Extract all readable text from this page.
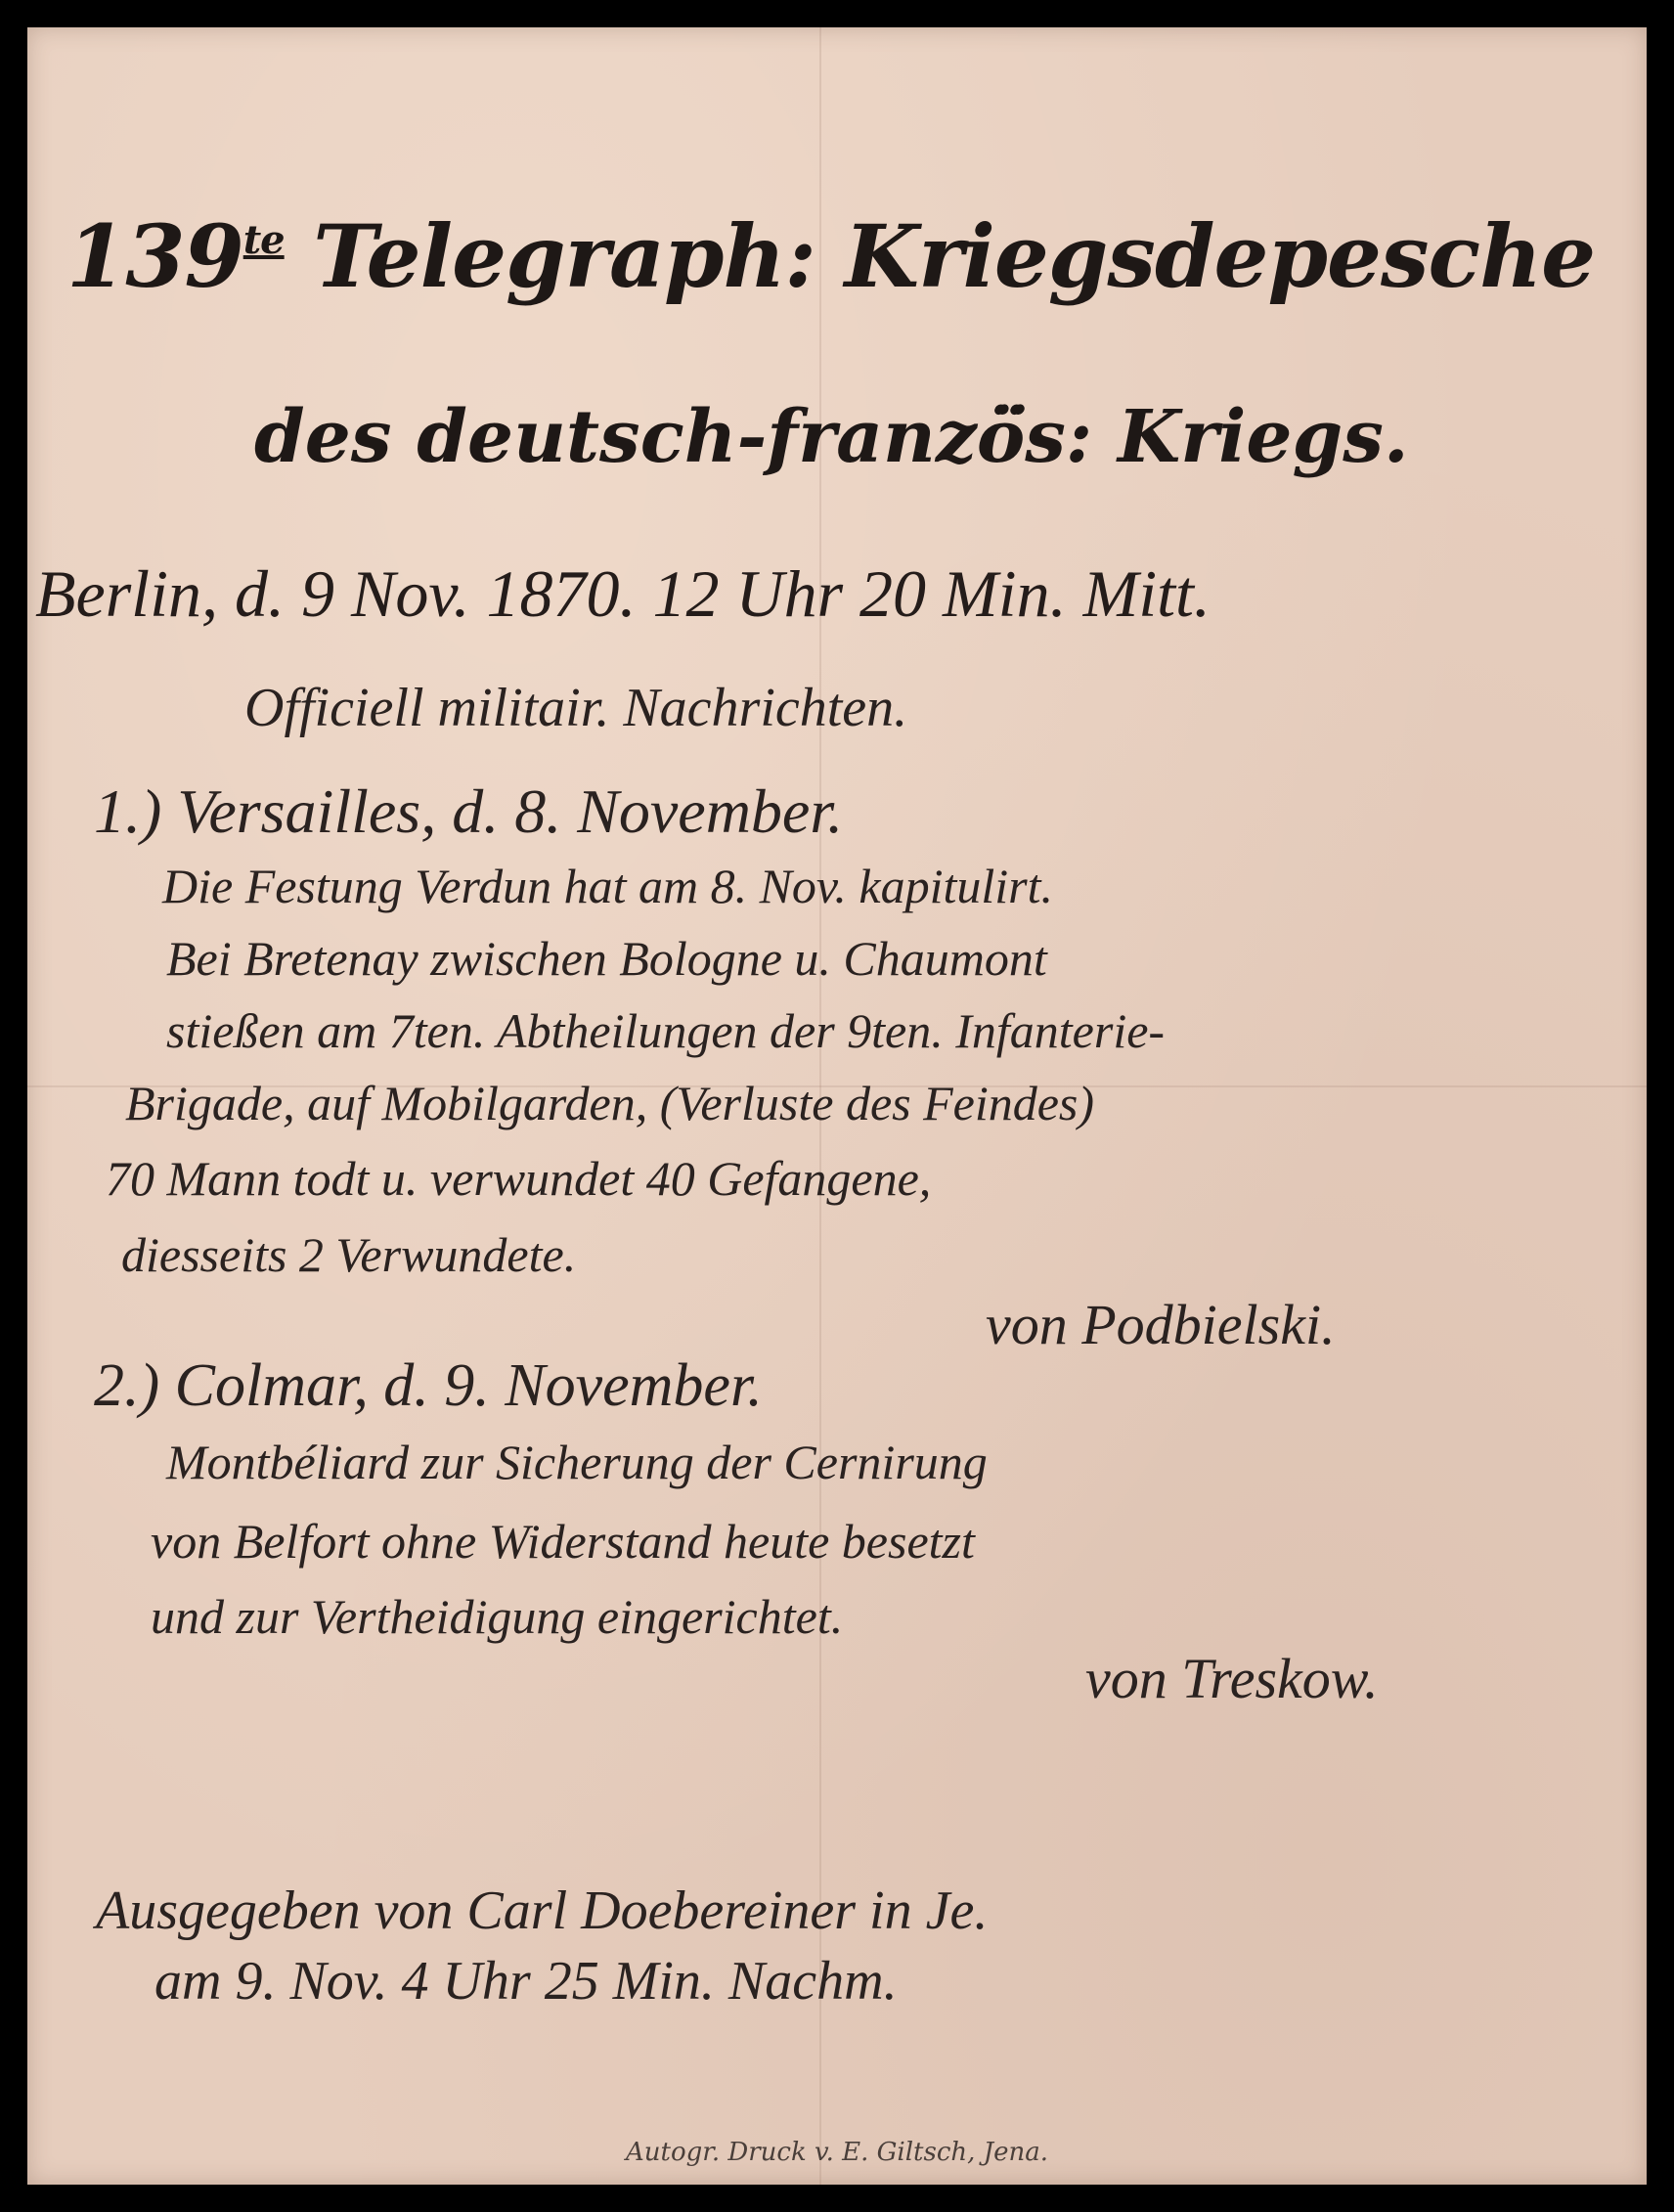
$139^{te}$ Telegraph: Kriegsdepesche

des deutsch-franzö̈s: Kriegs.

Berlin, d. 9 Nov. 1870. 12 Uhr 20 Min. Mitt.

Officiell militair. Nachrichten.

1.) Versailles, d. 8. November.

Die Festung Verdun hat am 8. Nov. kapitulirt.

Bei Bretenay zwischen Bologne u. Chaumont

stießen am 7ten. Abtheilungen der 9ten. Infanterie-

Brigade, auf Mobilgarden, (Verluste des Feindes)

70 Mann todt u. verwundet 40 Gefangene,

diesseits 2 Verwundete.

von Podbielski.

2.) Colmar, d. 9. November.

Montbéliard zur Sicherung der Cernirung

von Belfort ohne Widerstand heute besetzt

und zur Vertheidigung eingerichtet.

von Treskow.

Ausgegeben von Carl Doebereiner in Je.

am 9. Nov. 4 Uhr 25 Min. Nachm.

Autogr. Druck v. E. Giltsch, Jena.
